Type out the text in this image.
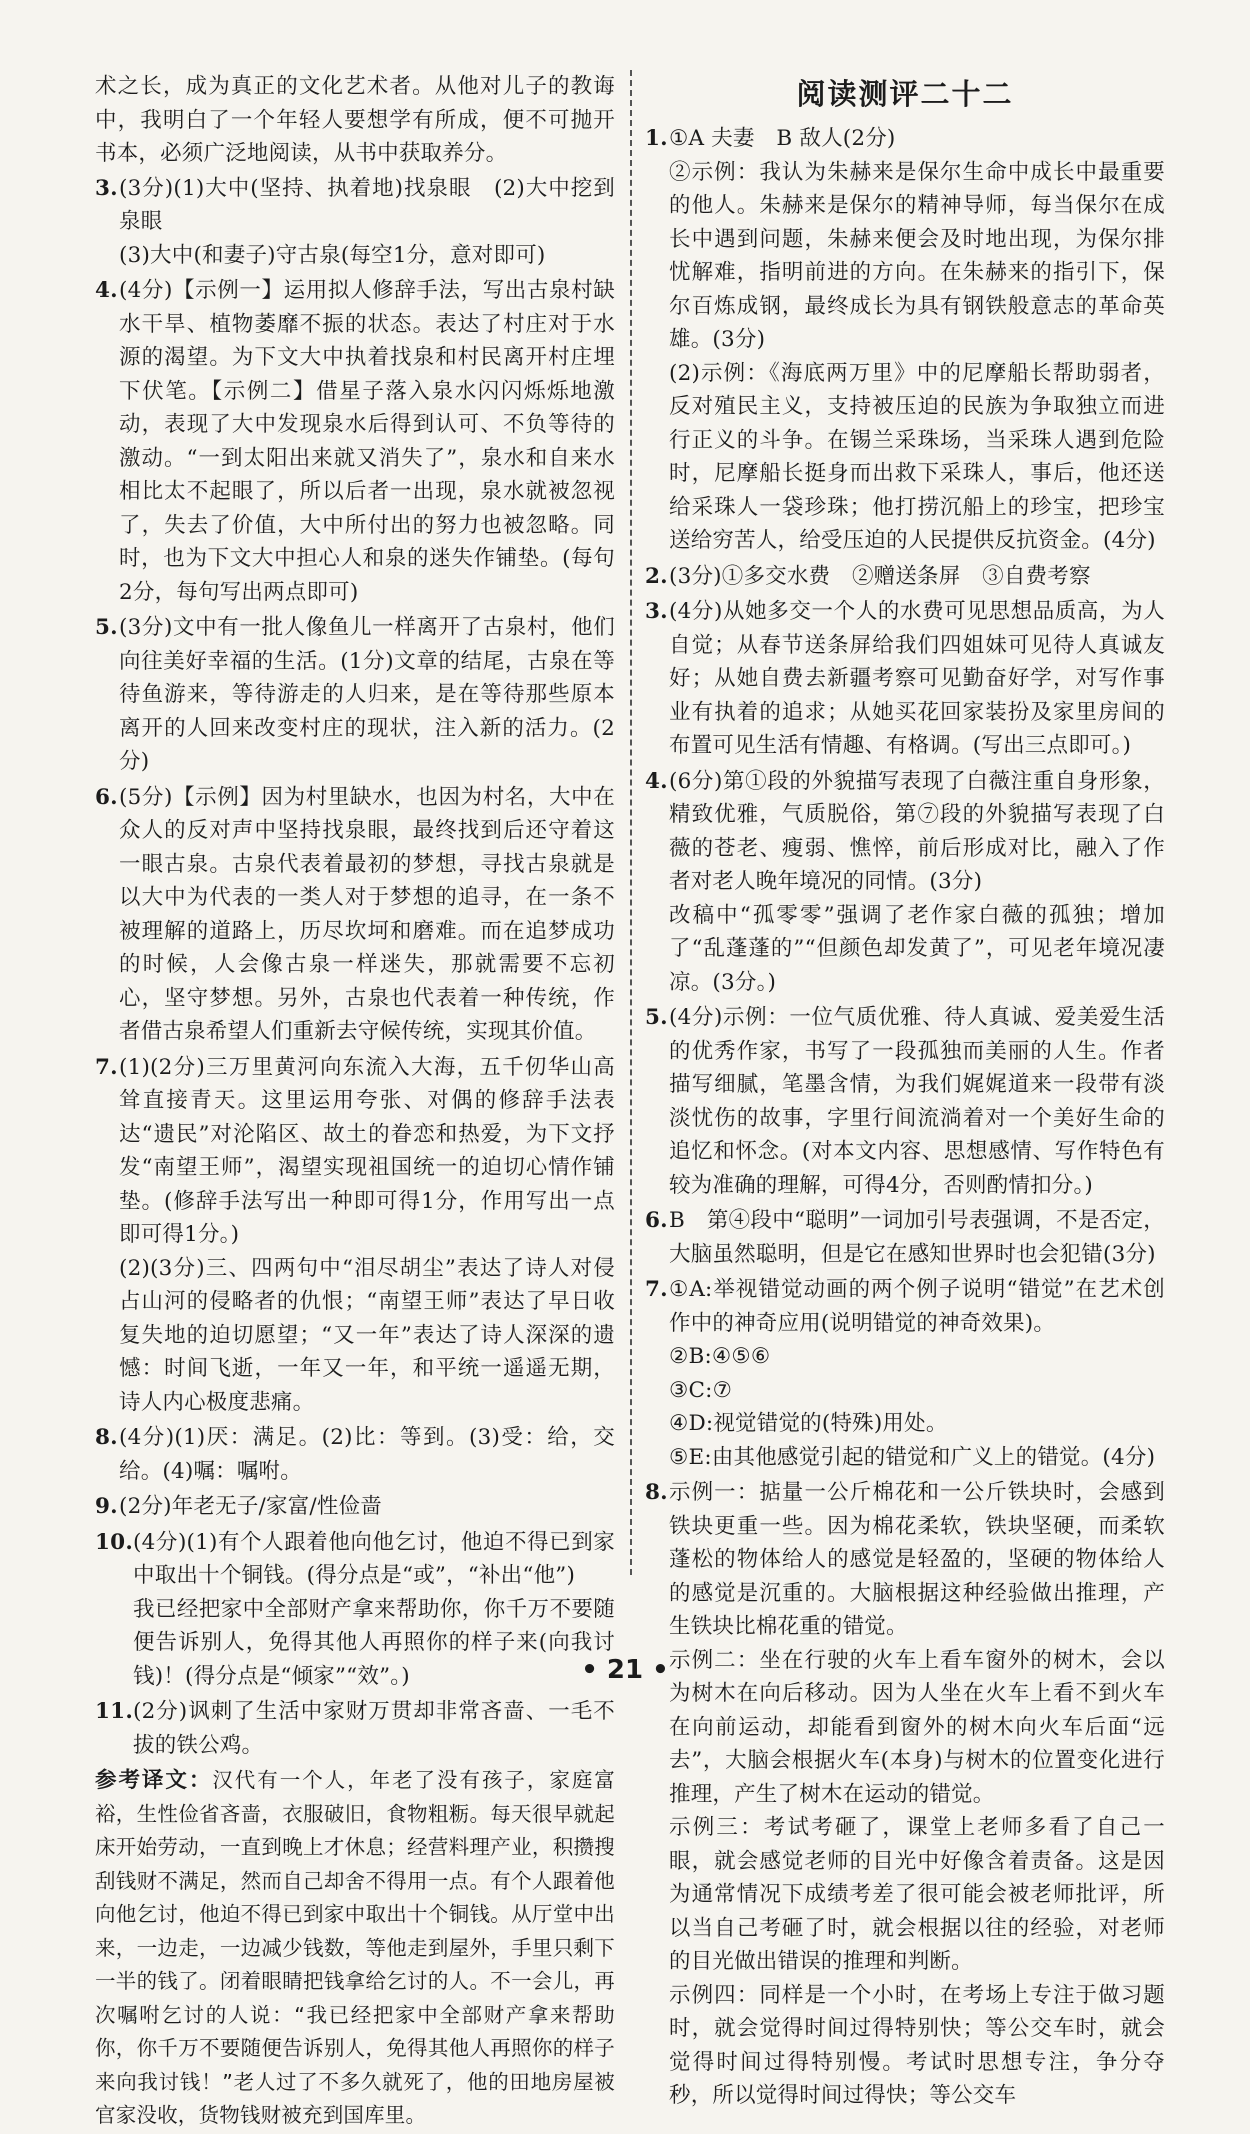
术之长，成为真正的文化艺术者。从他对儿子的教诲中，我明白了一个年轻人要想学有所成，便不可抛开书本，必须广泛地阅读，从书中获取养分。

3. (3分)(1)大中(坚持、执着地)找泉眼　(2)大中挖到泉眼
(3)大中(和妻子)守古泉(每空1分，意对即可)
4. (4分)【示例一】运用拟人修辞手法，写出古泉村缺水干旱、植物萎靡不振的状态。表达了村庄对于水源的渴望。为下文大中执着找泉和村民离开村庄埋下伏笔。【示例二】借星子落入泉水闪闪烁烁地激动，表现了大中发现泉水后得到认可、不负等待的激动。“一到太阳出来就又消失了”，泉水和自来水相比太不起眼了，所以后者一出现，泉水就被忽视了，失去了价值，大中所付出的努力也被忽略。同时，也为下文大中担心人和泉的迷失作铺垫。(每句2分，每句写出两点即可)
5. (3分)文中有一批人像鱼儿一样离开了古泉村，他们向往美好幸福的生活。(1分)文章的结尾，古泉在等待鱼游来，等待游走的人归来，是在等待那些原本离开的人回来改变村庄的现状，注入新的活力。(2分)
6. (5分)【示例】因为村里缺水，也因为村名，大中在众人的反对声中坚持找泉眼，最终找到后还守着这一眼古泉。古泉代表着最初的梦想，寻找古泉就是以大中为代表的一类人对于梦想的追寻，在一条不被理解的道路上，历尽坎坷和磨难。而在追梦成功的时候，人会像古泉一样迷失，那就需要不忘初心，坚守梦想。另外，古泉也代表着一种传统，作者借古泉希望人们重新去守候传统，实现其价值。
7. (1)(2分)三万里黄河向东流入大海，五千仞华山高耸直接青天。这里运用夸张、对偶的修辞手法表达“遗民”对沦陷区、故土的眷恋和热爱，为下文抒发“南望王师”，渴望实现祖国统一的迫切心情作铺垫。(修辞手法写出一种即可得1分，作用写出一点即可得1分。)
(2)(3分)三、四两句中“泪尽胡尘”表达了诗人对侵占山河的侵略者的仇恨；“南望王师”表达了早日收复失地的迫切愿望；“又一年”表达了诗人深深的遗憾：时间飞逝，一年又一年，和平统一遥遥无期，诗人内心极度悲痛。
8. (4分)(1)厌：满足。(2)比：等到。(3)受：给，交给。(4)嘱：嘱咐。
9. (2分)年老无子/家富/性俭啬
10. (4分)(1)有个人跟着他向他乞讨，他迫不得已到家中取出十个铜钱。(得分点是“或”，“补出“他”)
我已经把家中全部财产拿来帮助你，你千万不要随便告诉别人，免得其他人再照你的样子来(向我讨钱)！(得分点是“倾家”“效”。)
11. (2分)讽刺了生活中家财万贯却非常吝啬、一毛不拔的铁公鸡。

参考译文：汉代有一个人，年老了没有孩子，家庭富裕，生性俭省吝啬，衣服破旧，食物粗粝。每天很早就起床开始劳动，一直到晚上才休息；经营料理产业，积攒搜刮钱财不满足，然而自己却舍不得用一点。有个人跟着他向他乞讨，他迫不得已到家中取出十个铜钱。从厅堂中出来，一边走，一边减少钱数，等他走到屋外，手里只剩下一半的钱了。闭着眼睛把钱拿给乞讨的人。不一会儿，再次嘱咐乞讨的人说：“我已经把家中全部财产拿来帮助你，你千万不要随便告诉别人，免得其他人再照你的样子来向我讨钱！”老人过了不多久就死了，他的田地房屋被官家没收，货物钱财被充到国库里。

阅读测评二十二
1. ①A 夫妻　B 敌人(2分)
②示例：我认为朱赫来是保尔生命中成长中最重要的他人。朱赫来是保尔的精神导师，每当保尔在成长中遇到问题，朱赫来便会及时地出现，为保尔排忧解难，指明前进的方向。在朱赫来的指引下，保尔百炼成钢，最终成长为具有钢铁般意志的革命英雄。(3分)
(2)示例：《海底两万里》中的尼摩船长帮助弱者，反对殖民主义，支持被压迫的民族为争取独立而进行正义的斗争。在锡兰采珠场，当采珠人遇到危险时，尼摩船长挺身而出救下采珠人，事后，他还送给采珠人一袋珍珠；他打捞沉船上的珍宝，把珍宝送给穷苦人，给受压迫的人民提供反抗资金。(4分)
2. (3分)①多交水费　②赠送条屏　③自费考察
3. (4分)从她多交一个人的水费可见思想品质高，为人自觉；从春节送条屏给我们四姐妹可见待人真诚友好；从她自费去新疆考察可见勤奋好学，对写作事业有执着的追求；从她买花回家装扮及家里房间的布置可见生活有情趣、有格调。(写出三点即可。)
4. (6分)第①段的外貌描写表现了白薇注重自身形象，精致优雅，气质脱俗，第⑦段的外貌描写表现了白薇的苍老、瘦弱、憔悴，前后形成对比，融入了作者对老人晚年境况的同情。(3分)
改稿中“孤零零”强调了老作家白薇的孤独；增加了“乱蓬蓬的”“但颜色却发黄了”，可见老年境况凄凉。(3分。)
5. (4分)示例：一位气质优雅、待人真诚、爱美爱生活的优秀作家，书写了一段孤独而美丽的人生。作者描写细腻，笔墨含情，为我们娓娓道来一段带有淡淡忧伤的故事，字里行间流淌着对一个美好生命的追忆和怀念。(对本文内容、思想感情、写作特色有较为准确的理解，可得4分，否则酌情扣分。)
6. B　第④段中“聪明”一词加引号表强调，不是否定，大脑虽然聪明，但是它在感知世界时也会犯错(3分)
7. ①A:举视错觉动画的两个例子说明“错觉”在艺术创作中的神奇应用(说明错觉的神奇效果)。
②B:④⑤⑥
③C:⑦
④D:视觉错觉的(特殊)用处。
⑤E:由其他感觉引起的错觉和广义上的错觉。(4分)
8. 示例一：掂量一公斤棉花和一公斤铁块时，会感到铁块更重一些。因为棉花柔软，铁块坚硬，而柔软蓬松的物体给人的感觉是轻盈的，坚硬的物体给人的感觉是沉重的。大脑根据这种经验做出推理，产生铁块比棉花重的错觉。
示例二：坐在行驶的火车上看车窗外的树木，会以为树木在向后移动。因为人坐在火车上看不到火车在向前运动，却能看到窗外的树木向火车后面“远去”，大脑会根据火车(本身)与树木的位置变化进行推理，产生了树木在运动的错觉。
示例三：考试考砸了，课堂上老师多看了自己一眼，就会感觉老师的目光中好像含着责备。这是因为通常情况下成绩考差了很可能会被老师批评，所以当自己考砸了时，就会根据以往的经验，对老师的目光做出错误的推理和判断。
示例四：同样是一个小时，在考场上专注于做习题时，就会觉得时间过得特别快；等公交车时，就会觉得时间过得特别慢。考试时思想专注，争分夺秒，所以觉得时间过得快；等公交车
• 21 •
